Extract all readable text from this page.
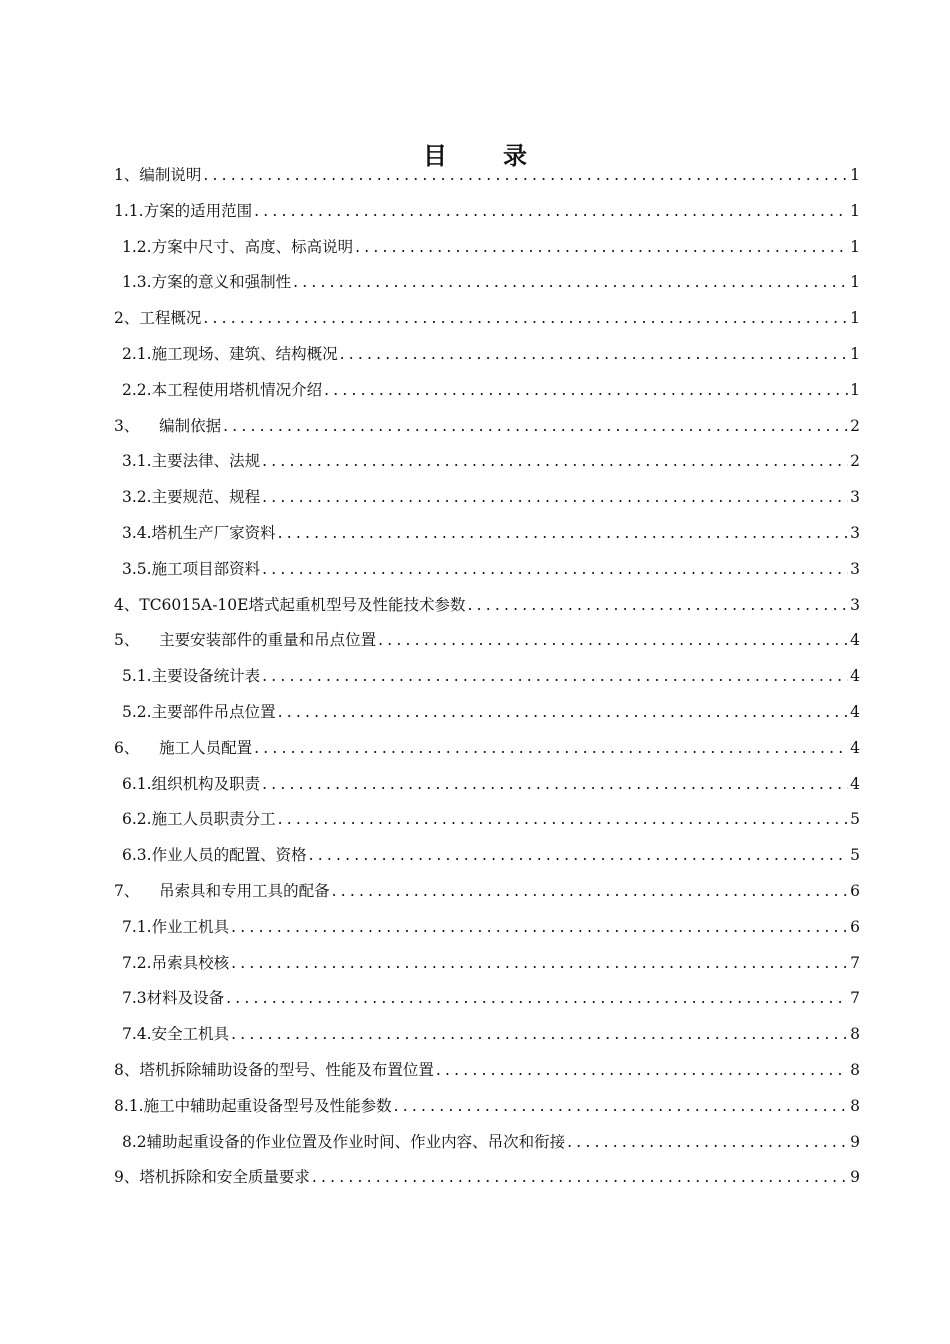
目录
1、编制说明 .....	1
1.1.方案的适用范围 .....	1
1.2.方案中尺寸、高度、标高说明 .....	1
1.3.方案的意义和强制性 .....	1
2、工程概况 .....	1
2.1.施工现场、建筑、结构概况 .....	1
2.2.本工程使用塔机情况介绍 .....	1
3、    编制依据 .....	2
3.1.主要法律、法规 .....	2
3.2.主要规范、规程 .....	3
3.4.塔机生产厂家资料 .....	3
3.5.施工项目部资料 .....	3
4、TC6015A-10E塔式起重机型号及性能技术参数 .....	3
5、    主要安装部件的重量和吊点位置 .....	4
5.1.主要设备统计表 .....	4
5.2.主要部件吊点位置 .....	4
6、    施工人员配置 .....	4
6.1.组织机构及职责 .....	4
6.2.施工人员职责分工 .....	5
6.3.作业人员的配置、资格 .....	5
7、    吊索具和专用工具的配备 .....	6
7.1.作业工机具 .....	6
7.2.吊索具校核 .....	7
7.3材料及设备 .....	7
7.4.安全工机具 .....	8
8、塔机拆除辅助设备的型号、性能及布置位置 .....	8
8.1.施工中辅助起重设备型号及性能参数 .....	8
8.2辅助起重设备的作业位置及作业时间、作业内容、吊次和衔接 .....	9
9、塔机拆除和安全质量要求 .....	9
